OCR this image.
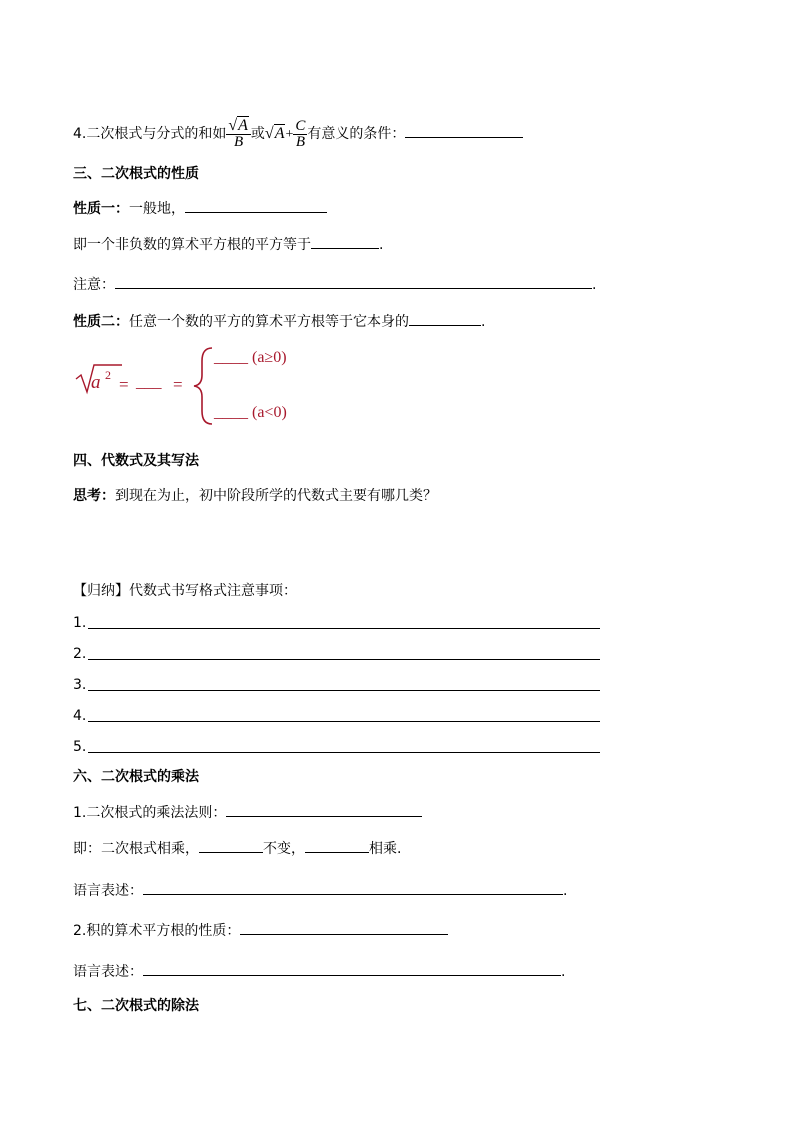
4.二次根式与分式的和如 $\frac{√A}{B}$ 或$√A+ \frac{C}{B}$ 有意义的条件：
三、二次根式的性质
性质一：一般地，
即一个非负数的算术平方根的平方等于	.
注意：	.
性质二：任意一个数的平方的算术平方根等于它本身的	.
a 2 = ___ =
____ (a≥0)
____ (a<0)
四、代数式及其写法
思考：到现在为止，初中阶段所学的代数式主要有哪几类？
【归纳】代数式书写格式注意事项：
1.
2.
3.
4.
5.
六、二次根式的乘法
1.二次根式的乘法法则：
即：二次根式相乘，	不变，	相乘.
语言表述：	.
2.积的算术平方根的性质：
语言表述：	.
七、二次根式的除法
